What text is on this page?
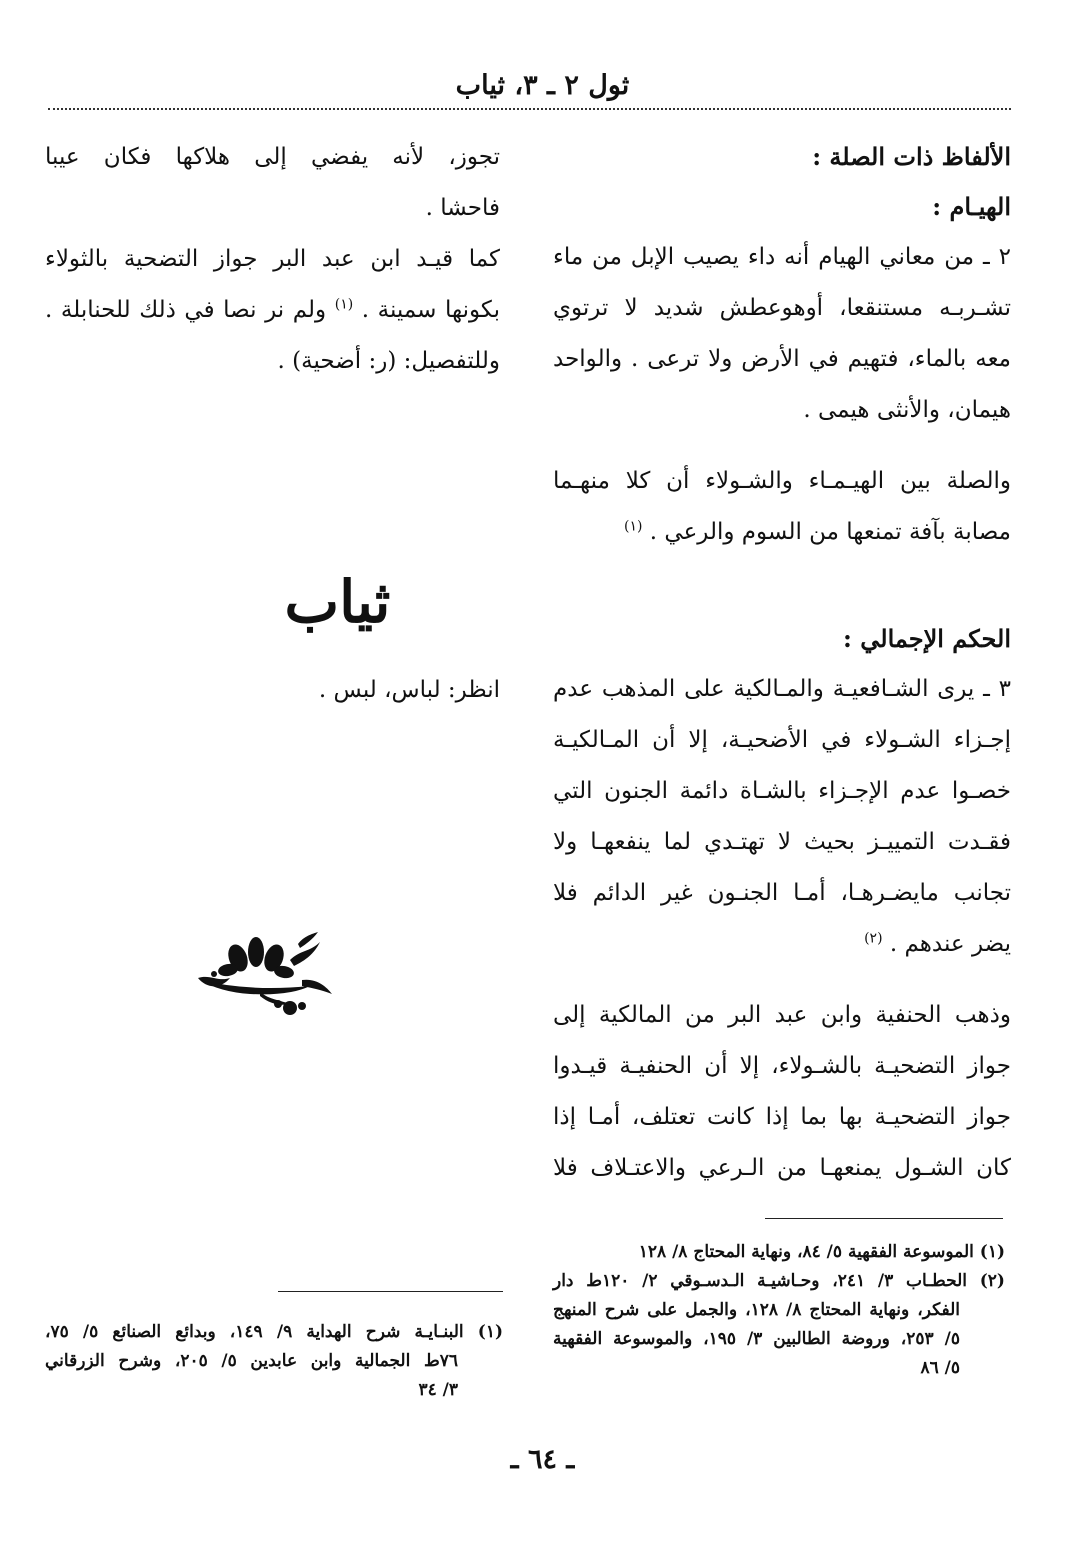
ثول ٢ ـ ٣، ثياب
الألفاظ ذات الصلة :
الهيـام :
٢ ـ من معاني الهيام أنه داء يصيب الإبل من ماء
تشـربـه مستنقعا، أوهوعطش شديد لا ترتوي
معه بالماء، فتهيم في الأرض ولا ترعى . والواحد
هيمان، والأنثى هيمى .
والصلة بين الهيـمـاء والشـولاء أن كلا منهـما
مصابة بآفة تمنعها من السوم والرعي . $^{(١)}$
الحكم الإجمالي :
٣ ـ يرى الشـافعيـة والمـالكية على المذهب عدم
إجـزاء الشـولاء في الأضحيـة، إلا أن المـالكيـة
خصـوا عدم الإجـزاء بالشـاة دائمة الجنون التي
فقـدت التمييـز بحيث لا تهتـدي لما ينفعهـا ولا
تجانب مايضـرهـا، أمـا الجنـون غير الدائم فلا
يضر عندهم . $^{(٢)}$
وذهب الحنفية وابن عبد البر من المالكية إلى
جواز التضحيـة بالشـولاء، إلا أن الحنفيـة قيـدوا
جواز التضحيـة بها بما إذا كانت تعتلف، أمـا إذا
كان الشـول يمنعهـا من الـرعي والاعتـلاف فلا
تجوز، لأنه يفضي إلى هلاكها فكان عيبا
فاحشا .
كما قيـد ابن عبد البر جواز التضحية بالثولاء
بكونها سمينة . $^{(١)}$ ولم نر نصا في ذلك للحنابلة .
وللتفصيل: (ر: أضحية) .
ثياب
انظر: لباس، لبس .
(١) الموسوعة الفقهية ٥/ ٨٤، ونهاية المحتاج ٨/ ١٢٨
(٢) الحطـاب ٣/ ٢٤١، وحـاشيـة الـدسـوقي ٢/ ١٢٠ط دار
الفكر، ونهاية المحتاج ٨/ ١٢٨، والجمل على شرح المنهج
٥/ ٢٥٣، وروضة الطالبين ٣/ ١٩٥، والموسوعة الفقهية
٥/ ٨٦
(١) البنـايـة شرح الهداية ٩/ ١٤٩، وبدائع الصنائع ٥/ ٧٥،
٧٦ط الجمالية وابن عابدين ٥/ ٢٠٥، وشرح الزرقاني
٣/ ٣٤
ـ ٦٤ ـ
